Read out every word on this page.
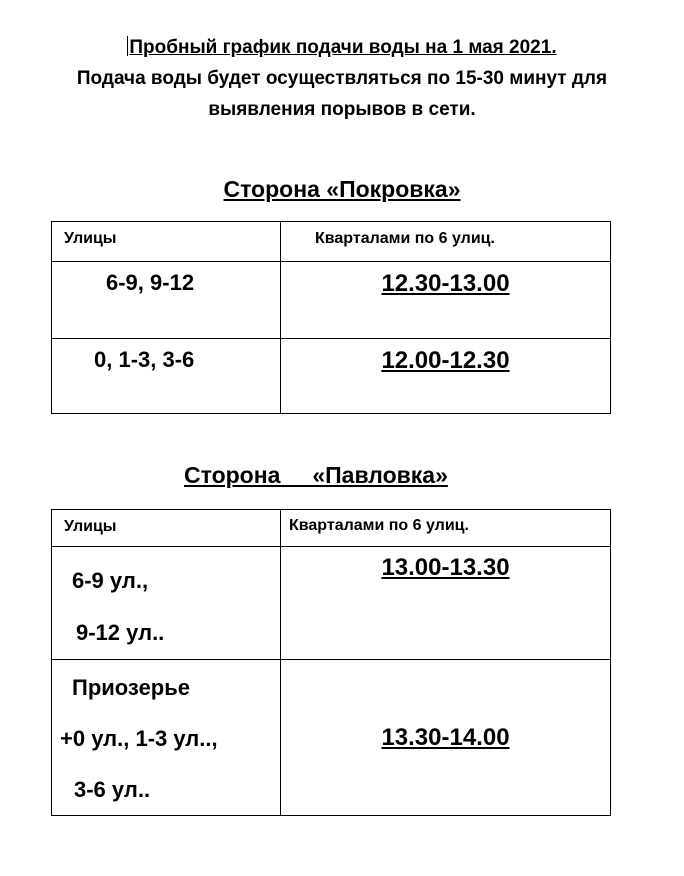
Пробный график подачи воды на 1 мая 2021.
Подача воды будет осуществляться по 15-30 минут для
выявления порывов в сети.
Сторона «Покровка»
Улицы	Кварталами по 6 улиц.
6-9, 9-12	12.30-13.00
0, 1-3, 3-6	12.00-12.30
Сторона     «Павловка»
Улицы	Кварталами по 6 улиц.

6-9 ул.,
9-12 ул..	13.00-13.30

Приозерье
+0 ул., 1-3 ул..,
3-6 ул..	13.30-14.00
